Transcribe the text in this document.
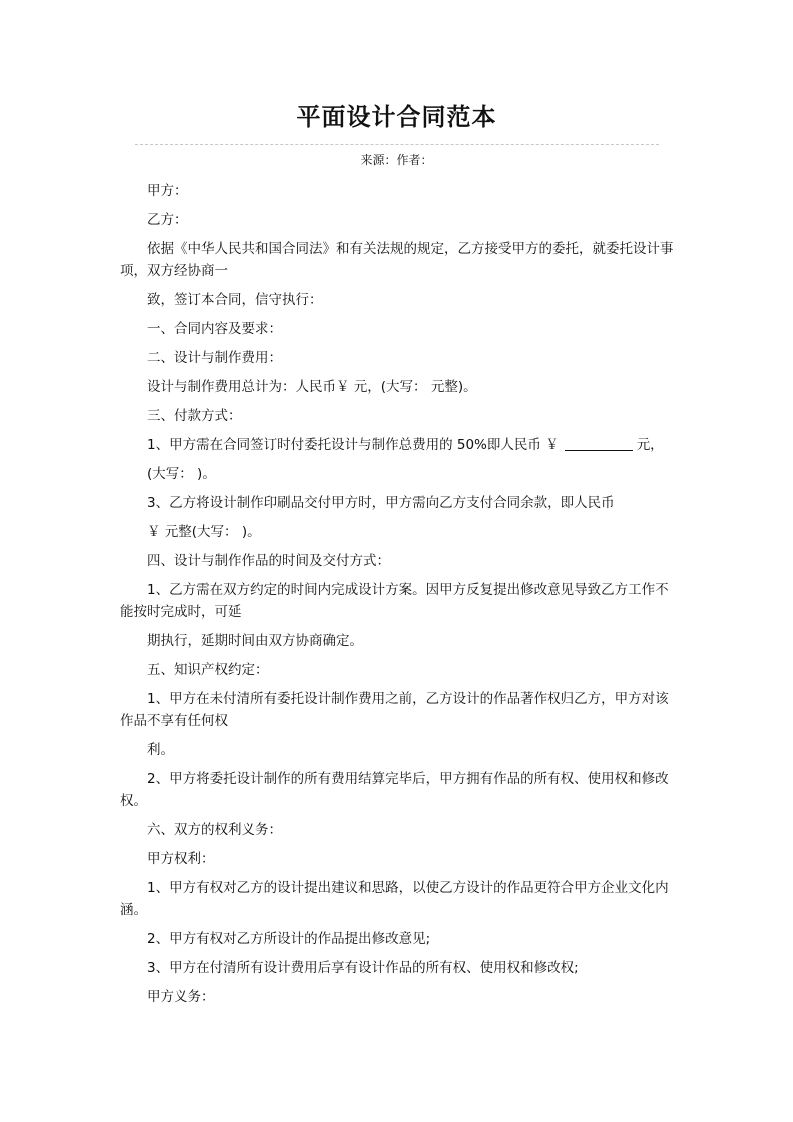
平面设计合同范本
来源：作者：
甲方：
乙方：
依据《中华人民共和国合同法》和有关法规的规定，乙方接受甲方的委托，就委托设计事项，双方经协商一
致，签订本合同，信守执行：
一、合同内容及要求：
二、设计与制作费用：
设计与制作费用总计为：人民币￥ 元，(大写： 元整)。
三、付款方式：
1、甲方需在合同签订时付委托设计与制作总费用的 50%即人民币 ￥	元，
(大写： )。
3、乙方将设计制作印刷品交付甲方时，甲方需向乙方支付合同余款，即人民币
￥ 元整(大写： )。
四、设计与制作作品的时间及交付方式：
1、乙方需在双方约定的时间内完成设计方案。因甲方反复提出修改意见导致乙方工作不能按时完成时，可延
期执行，延期时间由双方协商确定。
五、知识产权约定：
1、甲方在未付清所有委托设计制作费用之前，乙方设计的作品著作权归乙方，甲方对该作品不享有任何权
利。
2、甲方将委托设计制作的所有费用结算完毕后，甲方拥有作品的所有权、使用权和修改权。
六、双方的权利义务：
甲方权利：
1、甲方有权对乙方的设计提出建议和思路，以使乙方设计的作品更符合甲方企业文化内涵。
2、甲方有权对乙方所设计的作品提出修改意见;
3、甲方在付清所有设计费用后享有设计作品的所有权、使用权和修改权;
甲方义务：
